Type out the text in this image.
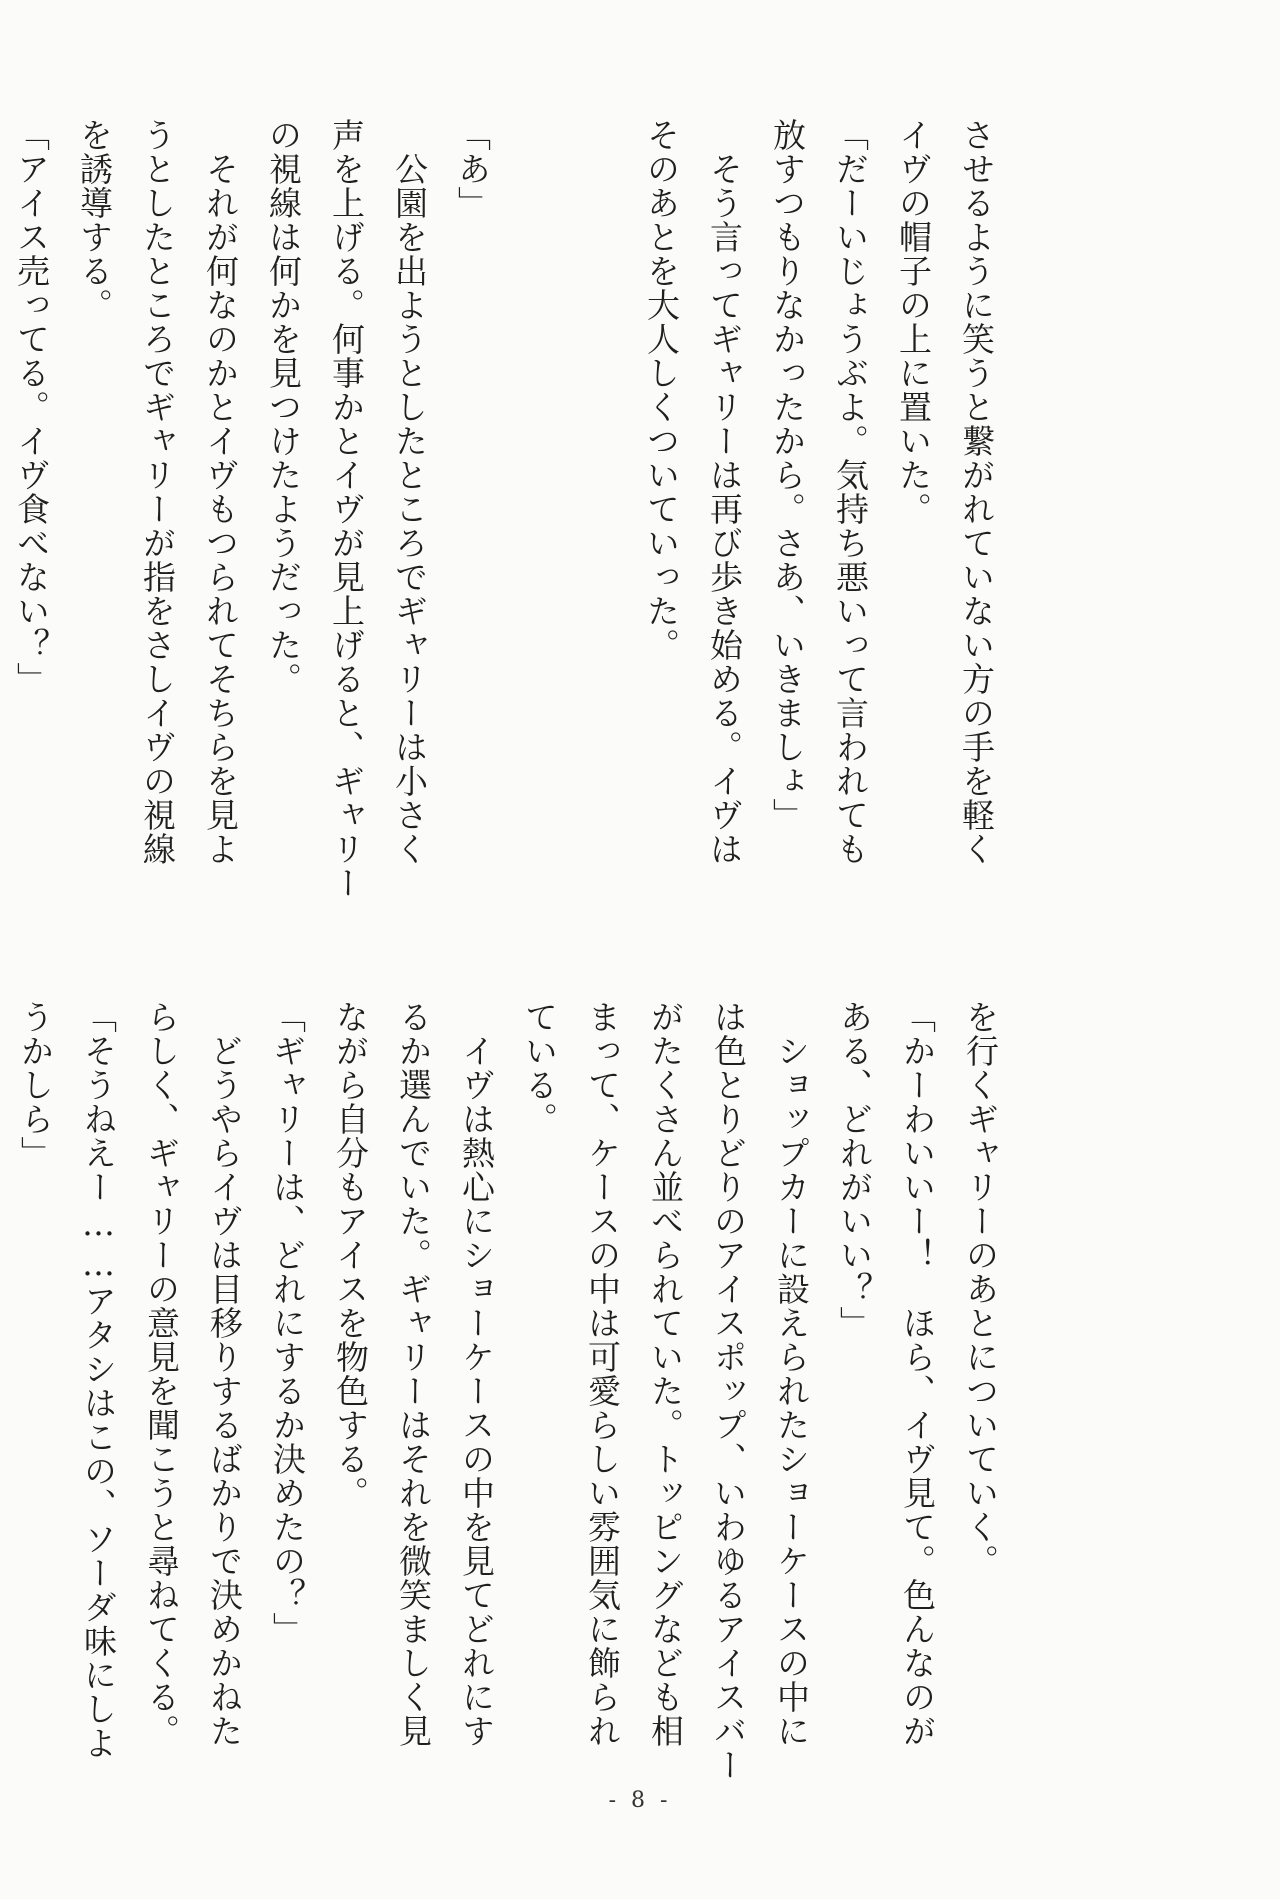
させるように笑うと繋がれていない方の手を軽く
イヴの帽子の上に置いた。
「だーいじょうぶよ。気持ち悪いって言われても
放すつもりなかったから。さあ、いきましょ」
　そう言ってギャリーは再び歩き始める。イヴは
そのあとを大人しくついていった。

「あ」
　公園を出ようとしたところでギャリーは小さく
声を上げる。何事かとイヴが見上げると、ギャリー
の視線は何かを見つけたようだった。
　それが何なのかとイヴもつられてそちらを見よ
うとしたところでギャリーが指をさしイヴの視線
を誘導する。
「アイス売ってる。イヴ食べない？」
を行くギャリーのあとについていく。
「かーわいいー！　ほら、イヴ見て。色んなのが
ある、どれがいい？」
　ショップカーに設えられたショーケースの中に
は色とりどりのアイスポップ、いわゆるアイスバー
がたくさん並べられていた。トッピングなども相
まって、ケースの中は可愛らしい雰囲気に飾られ
ている。
　イヴは熱心にショーケースの中を見てどれにす
るか選んでいた。ギャリーはそれを微笑ましく見
ながら自分もアイスを物色する。
「ギャリーは、どれにするか決めたの？」
　どうやらイヴは目移りするばかりで決めかねた
らしく、ギャリーの意見を聞こうと尋ねてくる。
「そうねえー……アタシはこの、ソーダ味にしよ
うかしら」
- 8 -
